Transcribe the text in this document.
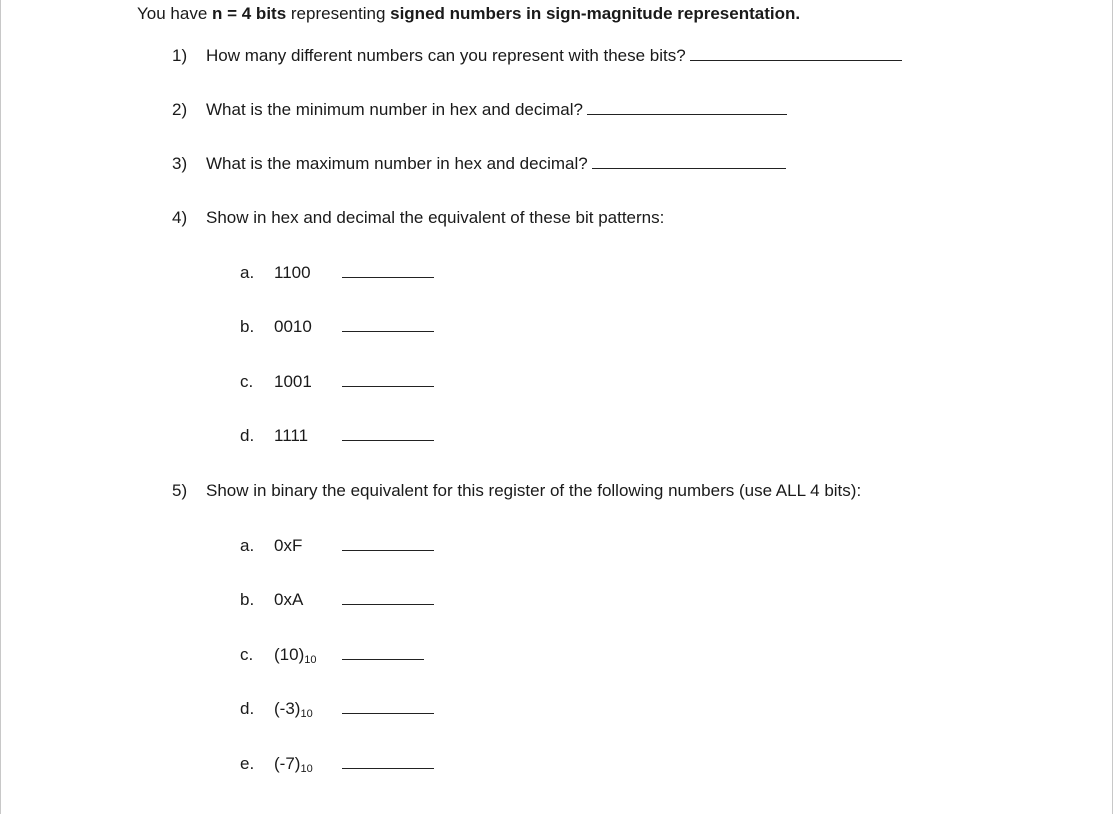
You have n = 4 bits representing signed numbers in sign-magnitude representation.
1) How many different numbers can you represent with these bits?
2) What is the minimum number in hex and decimal?
3) What is the maximum number in hex and decimal?
4) Show in hex and decimal the equivalent of these bit patterns:
a. 1100
b. 0010
c. 1001
d. 1111
5) Show in binary the equivalent for this register of the following numbers (use ALL 4 bits):
a. 0xF
b. 0xA
c. $(10)_{10}$
d. $(-3)_{10}$
e. $(-7)_{10}$
